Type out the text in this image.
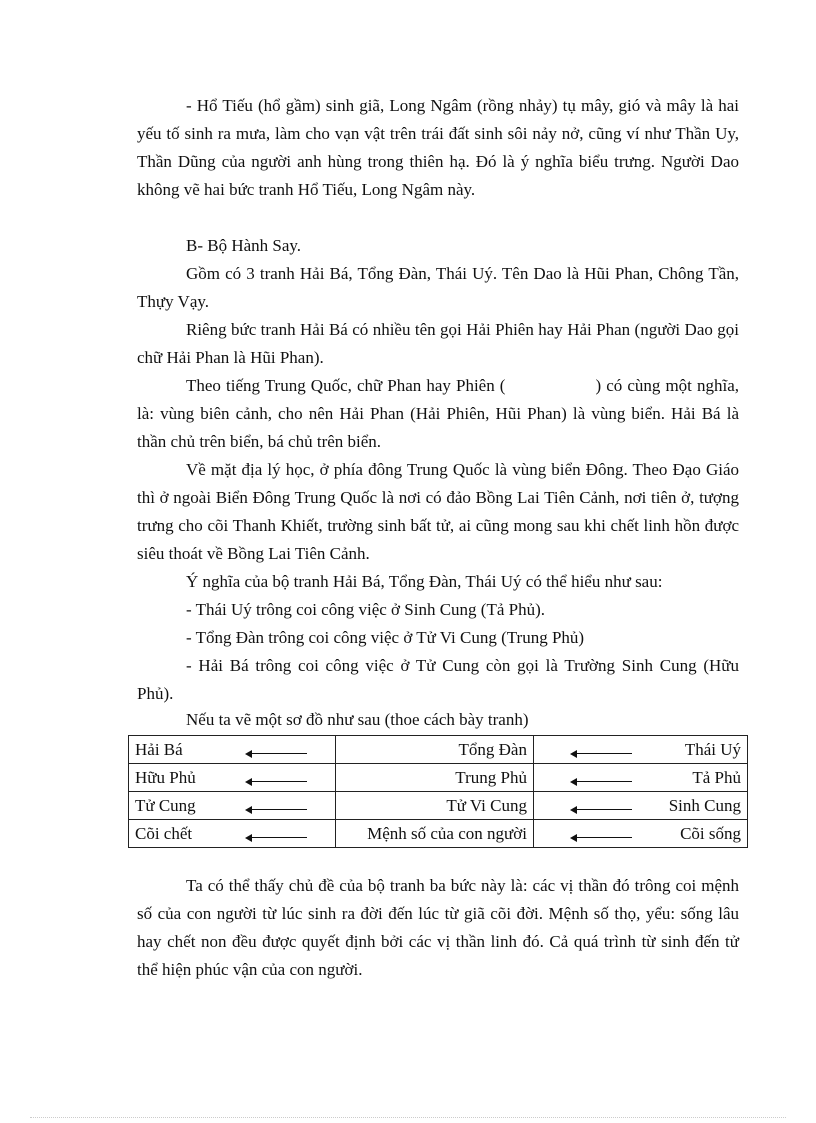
- Hổ Tiếu (hổ gầm) sinh giã, Long Ngâm (rồng nhảy) tụ mây, gió và mây là hai yếu tố sinh ra mưa, làm cho vạn vật trên trái đất sinh sôi nảy nở, cũng ví như Thần Uy, Thần Dũng của người anh hùng trong thiên hạ. Đó là ý nghĩa biểu trưng. Người Dao không vẽ hai bức tranh Hổ Tiếu, Long Ngâm này.

B- Bộ Hành Say.

Gồm có 3 tranh Hải Bá, Tổng Đàn, Thái Uý. Tên Dao là Hũi Phan, Chông Tần, Thựy Vạy.

Riêng bức tranh Hải Bá có nhiều tên gọi Hải Phiên hay Hải Phan (người Dao gọi chữ Hải Phan là Hũi Phan).

Theo tiếng Trung Quốc, chữ Phan hay Phiên (	) có cùng một nghĩa, là: vùng biên cảnh, cho nên Hải Phan (Hải Phiên, Hũi Phan) là vùng biển. Hải Bá là thần chủ trên biển, bá chủ trên biển.

Về mặt địa lý học, ở phía đông Trung Quốc là vùng biển Đông. Theo Đạo Giáo thì ở ngoài Biển Đông Trung Quốc là nơi có đảo Bồng Lai Tiên Cảnh, nơi tiên ở, tượng trưng cho cõi Thanh Khiết, trường sinh bất tử, ai cũng mong sau khi chết linh hồn được siêu thoát về Bồng Lai Tiên Cảnh.

Ý nghĩa của bộ tranh Hải Bá, Tổng Đàn, Thái Uý có thể hiểu như sau:

- Thái Uý trông coi công việc ở Sinh Cung (Tả Phủ).

- Tổng Đàn trông coi công việc ở Tử Vi Cung (Trung Phủ)

- Hải Bá trông coi công việc ở Tử Cung còn gọi là Trường Sinh Cung (Hữu Phủ).

Nếu ta vẽ một sơ đồ như sau (thoe cách bày tranh)

Hải Bá	Tổng Đàn	Thái Uý

Hữu Phủ	Trung Phủ	Tả Phủ

Tử Cung	Tử Vi Cung	Sinh Cung

Cõi chết	Mệnh số của con người	Cõi sống

Ta có thể thấy chủ đề của bộ tranh ba bức này là: các vị thần đó trông coi mệnh số của con người từ lúc sinh ra đời đến lúc từ giã cõi đời. Mệnh số thọ, yểu: sống lâu hay chết non đều được quyết định bởi các vị thần linh đó. Cả quá trình từ sinh đến tử thể hiện phúc vận của con người.
